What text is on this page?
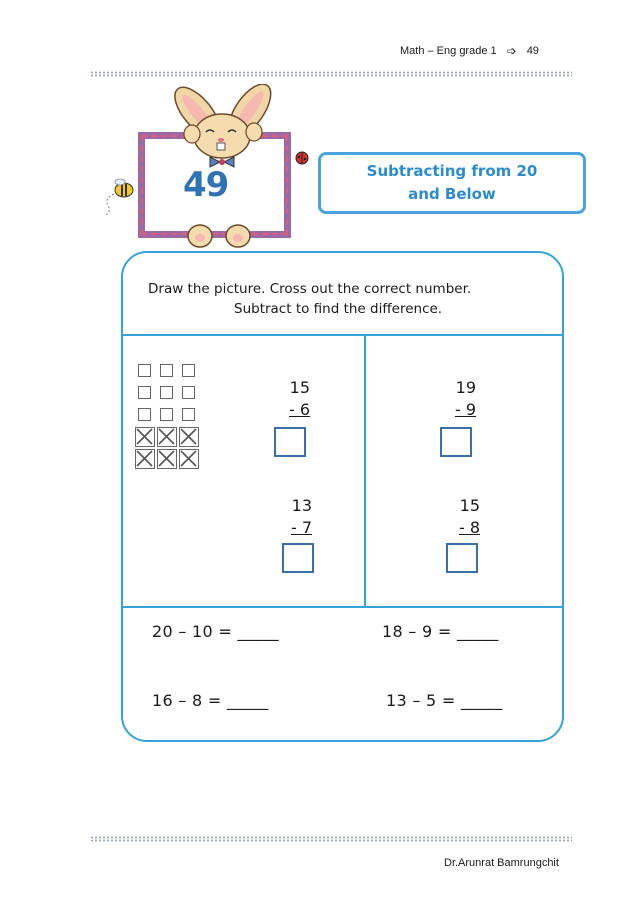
Math – Eng grade 1 ➩ 49
49	Subtracting from 20
and Below
Draw the picture. Cross out the correct number.
Subtract to find the difference.
15
- 6
19
- 9
13
- 7
15
- 8
20 – 10 = _____	18 – 9 = _____
16 – 8 = _____	13 – 5 = _____
Dr.Arunrat Bamrungchit
